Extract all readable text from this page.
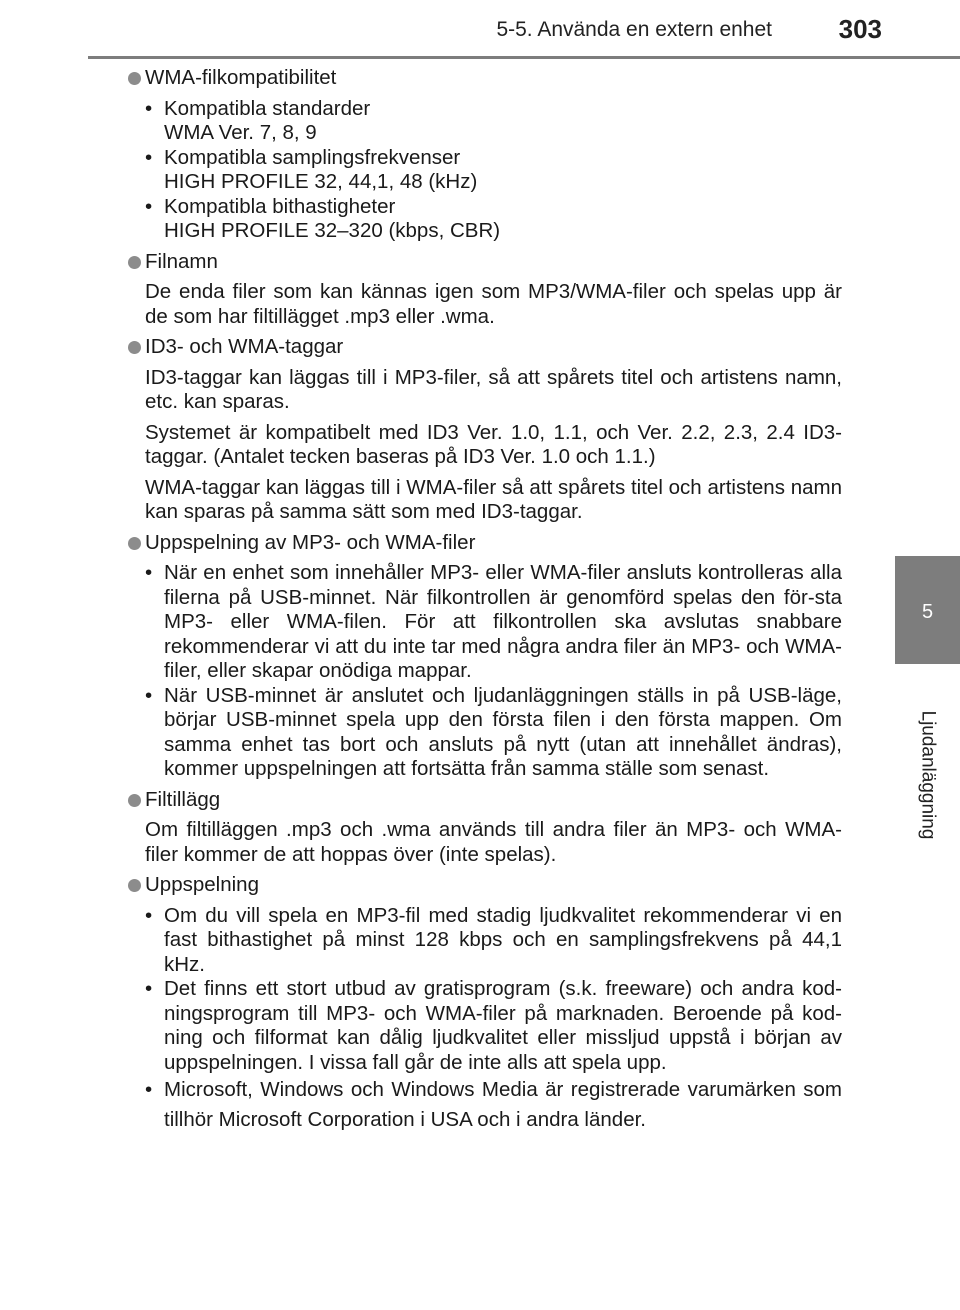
5-5. Använda en extern enhet	303
5
Ljudanläggning
WMA-filkompatibilitet
• Kompatibla standarder
WMA Ver. 7, 8, 9
• Kompatibla samplingsfrekvenser
HIGH PROFILE 32, 44,1, 48 (kHz)
• Kompatibla bithastigheter
HIGH PROFILE 32–320 (kbps, CBR)
Filnamn
De enda filer som kan kännas igen som MP3/WMA-filer och spelas upp är de som har filtillägget .mp3 eller .wma.
ID3- och WMA-taggar
ID3-taggar kan läggas till i MP3-filer, så att spårets titel och artistens namn, etc. kan sparas.
Systemet är kompatibelt med ID3 Ver. 1.0, 1.1, och Ver. 2.2, 2.3, 2.4 ID3-taggar. (Antalet tecken baseras på ID3 Ver. 1.0 och 1.1.)
WMA-taggar kan läggas till i WMA-filer så att spårets titel och artistens namn kan sparas på samma sätt som med ID3-taggar.
Uppspelning av MP3- och WMA-filer
• När en enhet som innehåller MP3- eller WMA-filer ansluts kontrolleras alla filerna på USB-minnet. När filkontrollen är genomförd spelas den för-sta MP3- eller WMA-filen. För att filkontrollen ska avslutas snabbare rekommenderar vi att du inte tar med några andra filer än MP3- och WMA-filer, eller skapar onödiga mappar.
• När USB-minnet är anslutet och ljudanläggningen ställs in på USB-läge, börjar USB-minnet spela upp den första filen i den första mappen. Om samma enhet tas bort och ansluts på nytt (utan att innehållet ändras), kommer uppspelningen att fortsätta från samma ställe som senast.
Filtillägg
Om filtilläggen .mp3 och .wma används till andra filer än MP3- och WMA-filer kommer de att hoppas över (inte spelas).
Uppspelning
• Om du vill spela en MP3-fil med stadig ljudkvalitet rekommenderar vi en fast bithastighet på minst 128 kbps och en samplingsfrekvens på 44,1 kHz.
• Det finns ett stort utbud av gratisprogram (s.k. freeware) och andra kod-ningsprogram till MP3- och WMA-filer på marknaden. Beroende på kod-ning och filformat kan dålig ljudkvalitet eller missljud uppstå i början av uppspelningen. I vissa fall går de inte alls att spela upp.
• Microsoft, Windows och Windows Media är registrerade varumärken som tillhör Microsoft Corporation i USA och i andra länder.
